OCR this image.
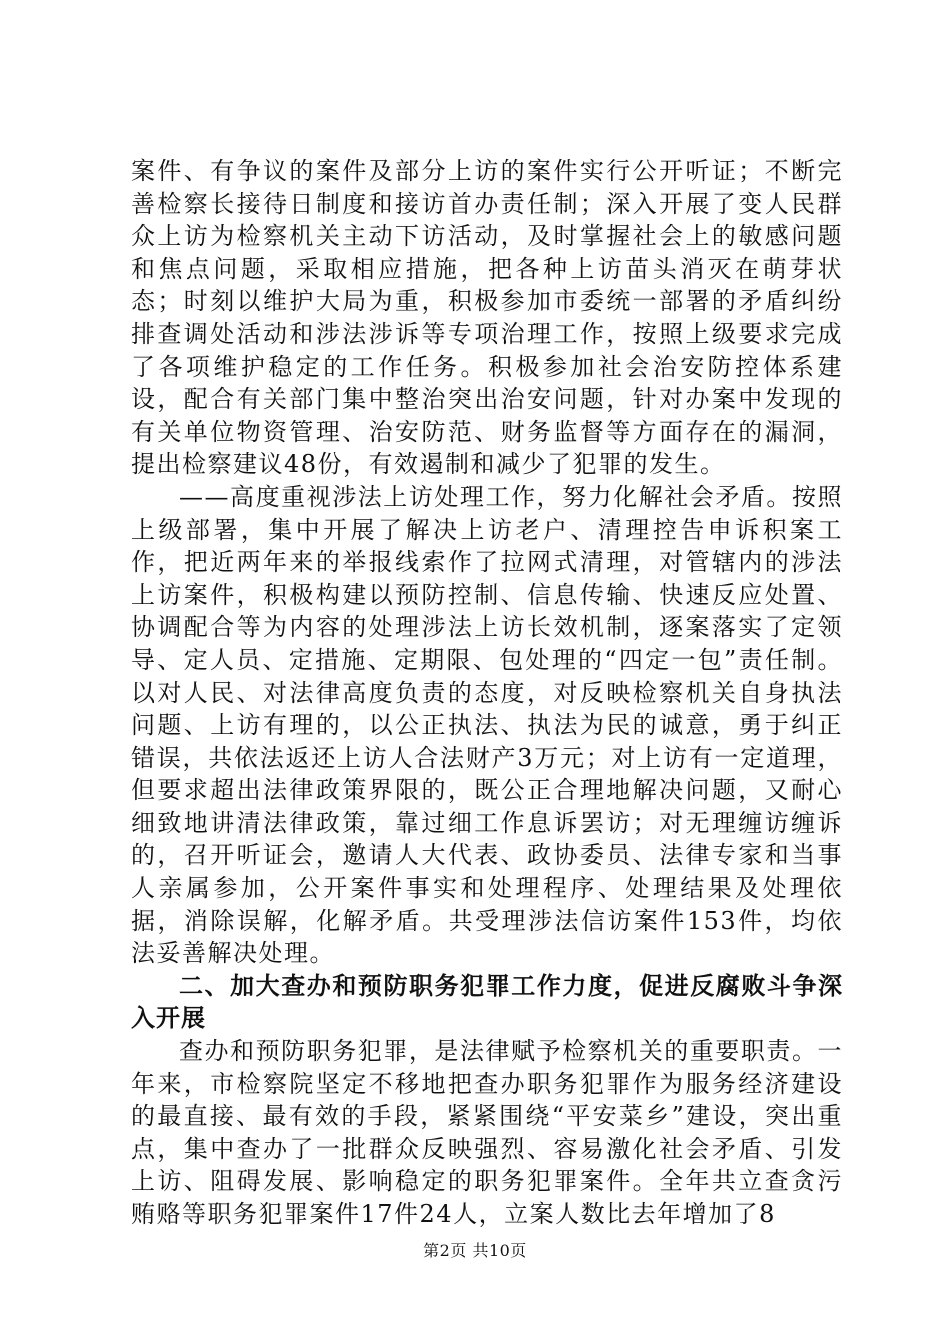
案件、有争议的案件及部分上访的案件实行公开听证；不断完善检察长接待日制度和接访首办责任制；深入开展了变人民群众上访为检察机关主动下访活动，及时掌握社会上的敏感问题和焦点问题，采取相应措施，把各种上访苗头消灭在萌芽状态；时刻以维护大局为重，积极参加市委统一部署的矛盾纠纷排查调处活动和涉法涉诉等专项治理工作，按照上级要求完成了各项维护稳定的工作任务。积极参加社会治安防控体系建设，配合有关部门集中整治突出治安问题，针对办案中发现的有关单位物资管理、治安防范、财务监督等方面存在的漏洞，提出检察建议48份，有效遏制和减少了犯罪的发生。

——高度重视涉法上访处理工作，努力化解社会矛盾。按照上级部署，集中开展了解决上访老户、清理控告申诉积案工作，把近两年来的举报线索作了拉网式清理，对管辖内的涉法上访案件，积极构建以预防控制、信息传输、快速反应处置、协调配合等为内容的处理涉法上访长效机制，逐案落实了定领导、定人员、定措施、定期限、包处理的“四定一包”责任制。以对人民、对法律高度负责的态度，对反映检察机关自身执法问题、上访有理的，以公正执法、执法为民的诚意，勇于纠正错误，共依法返还上访人合法财产3万元；对上访有一定道理，但要求超出法律政策界限的，既公正合理地解决问题，又耐心细致地讲清法律政策，靠过细工作息诉罢访；对无理缠访缠诉的，召开听证会，邀请人大代表、政协委员、法律专家和当事人亲属参加，公开案件事实和处理程序、处理结果及处理依据，消除误解，化解矛盾。共受理涉法信访案件153件，均依法妥善解决处理。

二、加大查办和预防职务犯罪工作力度，促进反腐败斗争深入开展

查办和预防职务犯罪，是法律赋予检察机关的重要职责。一年来，市检察院坚定不移地把查办职务犯罪作为服务经济建设的最直接、最有效的手段，紧紧围绕“平安菜乡”建设，突出重点，集中查办了一批群众反映强烈、容易激化社会矛盾、引发上访、阻碍发展、影响稳定的职务犯罪案件。全年共立查贪污贿赂等职务犯罪案件17件24人，立案人数比去年增加了8

第2页 共10页
